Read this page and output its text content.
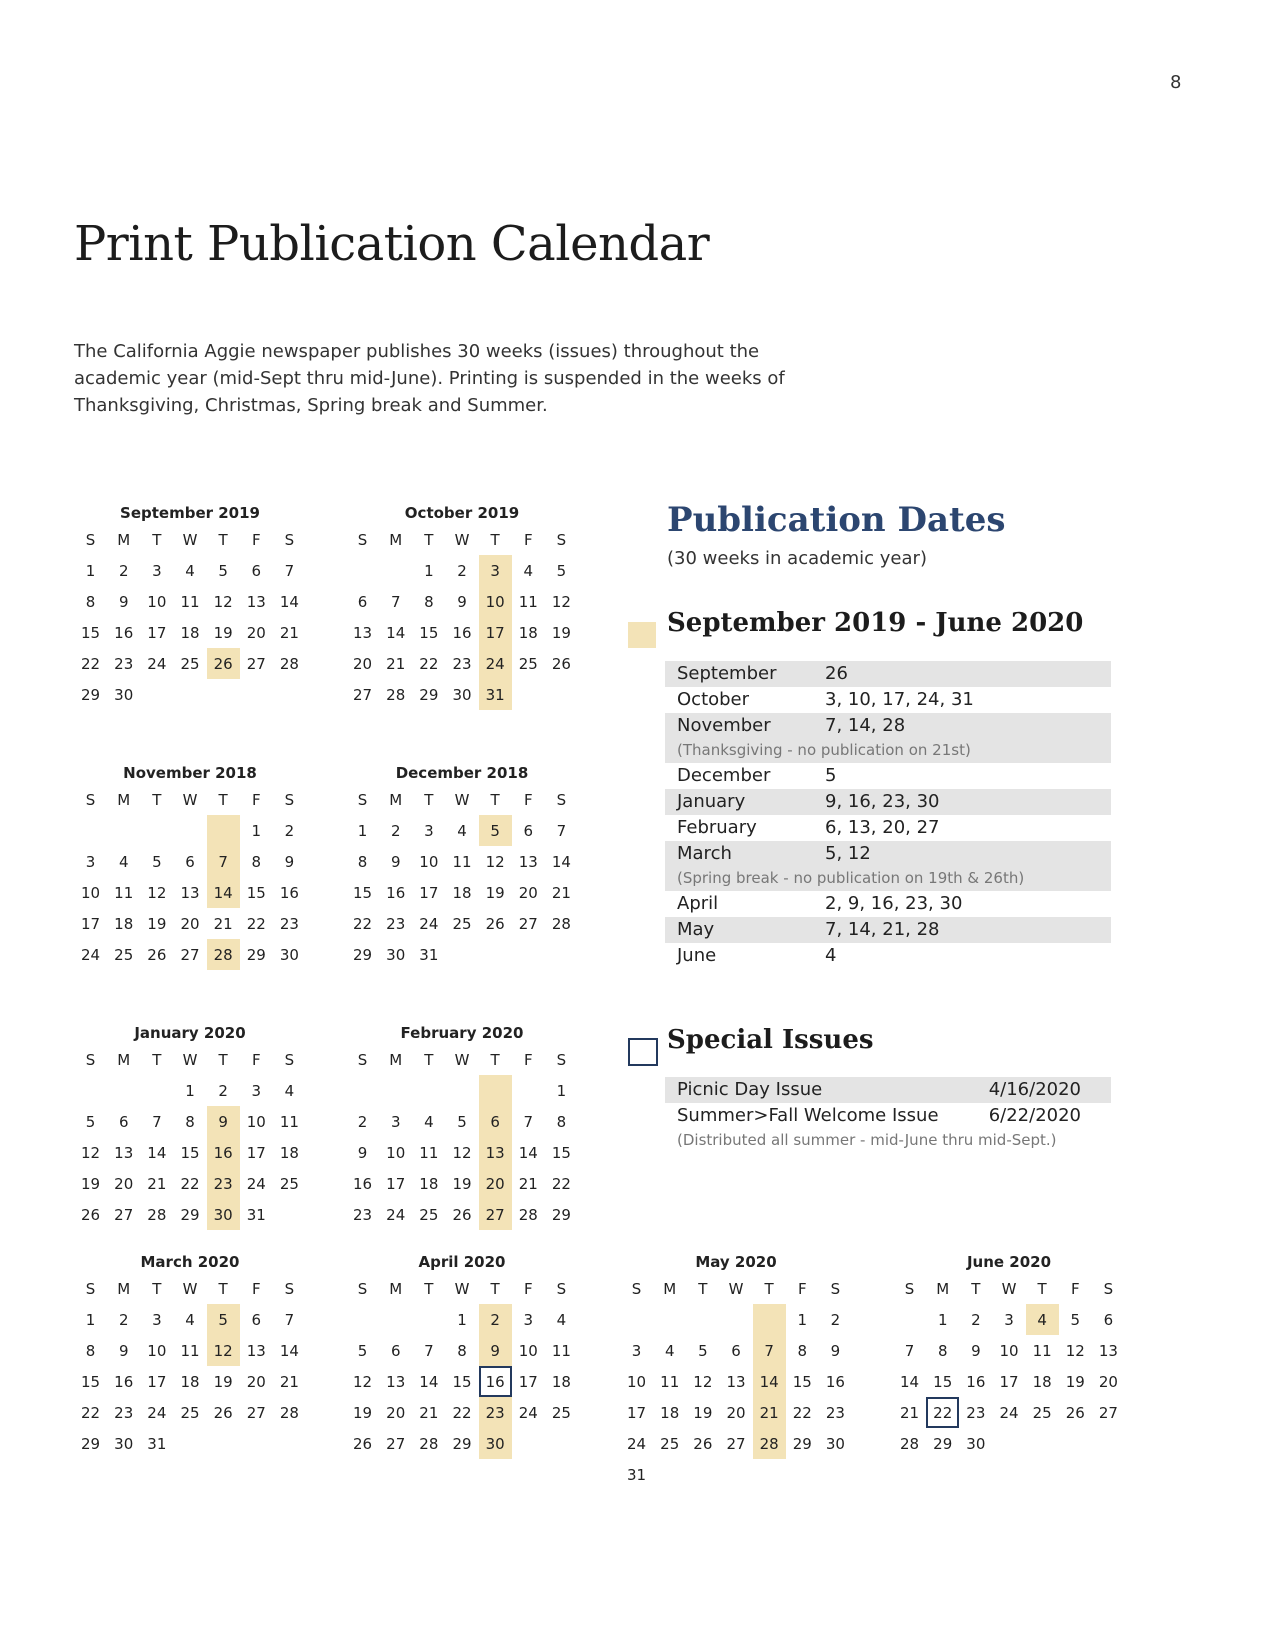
8
Print Publication Calendar

The California Aggie newspaper publishes 30 weeks (issues) throughout the academic year (mid-Sept thru mid-June). Printing is suspended in the weeks of Thanksgiving, Christmas, Spring break and Summer.

September 2019
S	M	T	W	T	F	S
1	2	3	4	5	6	7
8	9	10	11	12	13	14
15	16	17	18	19	20	21
22	23	24	25	26	27	28
29	30					
October 2019
S	M	T	W	T	F	S
		1	2	3	4	5
6	7	8	9	10	11	12
13	14	15	16	17	18	19
20	21	22	23	24	25	26
27	28	29	30	31		
November 2018
S	M	T	W	T	F	S
					1	2
3	4	5	6	7	8	9
10	11	12	13	14	15	16
17	18	19	20	21	22	23
24	25	26	27	28	29	30
December 2018
S	M	T	W	T	F	S
1	2	3	4	5	6	7
8	9	10	11	12	13	14
15	16	17	18	19	20	21
22	23	24	25	26	27	28
29	30	31				
January 2020
S	M	T	W	T	F	S
			1	2	3	4
5	6	7	8	9	10	11
12	13	14	15	16	17	18
19	20	21	22	23	24	25
26	27	28	29	30	31	
February 2020
S	M	T	W	T	F	S
						1
2	3	4	5	6	7	8
9	10	11	12	13	14	15
16	17	18	19	20	21	22
23	24	25	26	27	28	29
March 2020
S	M	T	W	T	F	S
1	2	3	4	5	6	7
8	9	10	11	12	13	14
15	16	17	18	19	20	21
22	23	24	25	26	27	28
29	30	31				
April 2020
S	M	T	W	T	F	S
			1	2	3	4
5	6	7	8	9	10	11
12	13	14	15	16	17	18
19	20	21	22	23	24	25
26	27	28	29	30		
May 2020
S	M	T	W	T	F	S
					1	2
3	4	5	6	7	8	9
10	11	12	13	14	15	16
17	18	19	20	21	22	23
24	25	26	27	28	29	30
31						
June 2020
S	M	T	W	T	F	S
	1	2	3	4	5	6
7	8	9	10	11	12	13
14	15	16	17	18	19	20
21	22	23	24	25	26	27
28	29	30				
Publication Dates
(30 weeks in academic year)
September 2019 - June 2020
September	26
October	3, 10, 17, 24, 31
November	7, 14, 28
(Thanksgiving - no publication on 21st)
December	5
January	9, 16, 23, 30
February	6, 13, 20, 27
March	5, 12
(Spring break - no publication on 19th & 26th)
April	2, 9, 16, 23, 30
May	7, 14, 21, 28
June	4
Special Issues
Picnic Day Issue	4/16/2020
Summer>Fall Welcome Issue	6/22/2020
(Distributed all summer - mid-June thru mid-Sept.)
